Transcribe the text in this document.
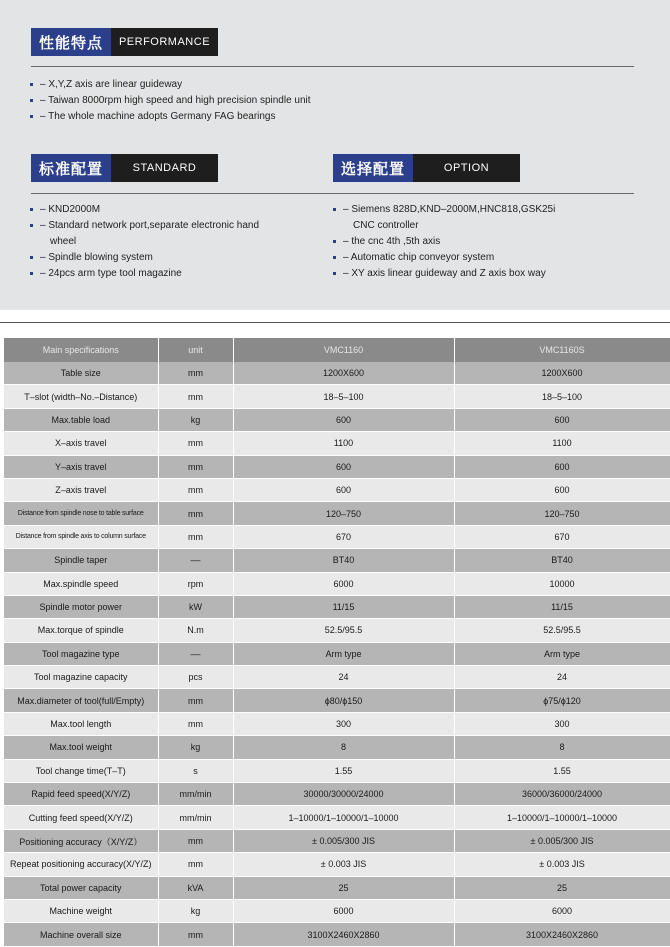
性能特点	PERFORMANCE
– X,Y,Z axis are linear guideway
– Taiwan 8000rpm high speed and high precision spindle unit
– The whole machine adopts Germany FAG bearings
标准配置	STANDARD	选择配置	OPTION
– KND2000M
– Standard network port,separate electronic hand
wheel
– Spindle blowing system
– 24pcs arm type tool magazine
– Siemens 828D,KND–2000M,HNC818,GSK25i
CNC controller
– the cnc 4th ,5th axis
– Automatic chip conveyor system
– XY axis linear guideway and Z axis box way
Main specifications	unit	VMC1160	VMC1160S
Table size	mm	1200X600	1200X600
T–slot (width–No.–Distance)	mm	18–5–100	18–5–100
Max.table load	kg	600	600
X–axis travel	mm	1100	1100
Y–axis travel	mm	600	600
Z–axis travel	mm	600	600
Distance from spindle nose to table surface	mm	120–750	120–750
Distance from spindle axis to column surface	mm	670	670
Spindle taper	––	BT40	BT40
Max.spindle speed	rpm	6000	10000
Spindle motor power	kW	11/15	11/15
Max.torque of spindle	N.m	52.5/95.5	52.5/95.5
Tool magazine type	––	Arm type	Arm type
Tool magazine capacity	pcs	24	24
Max.diameter of tool(full/Empty)	mm	ϕ80/ϕ150	ϕ75/ϕ120
Max.tool length	mm	300	300
Max.tool weight	kg	8	8
Tool change time(T–T)	s	1.55	1.55
Rapid feed speed(X/Y/Z)	mm/min	30000/30000/24000	36000/36000/24000
Cutting feed speed(X/Y/Z)	mm/min	1–10000/1–10000/1–10000	1–10000/1–10000/1–10000
Positioning accuracy（X/Y/Z）	mm	± 0.005/300 JIS	± 0.005/300 JIS
Repeat positioning accuracy(X/Y/Z)	mm	± 0.003 JIS	± 0.003 JIS
Total power capacity	kVA	25	25
Machine weight	kg	6000	6000
Machine overall size	mm	3100X2460X2860	3100X2460X2860
